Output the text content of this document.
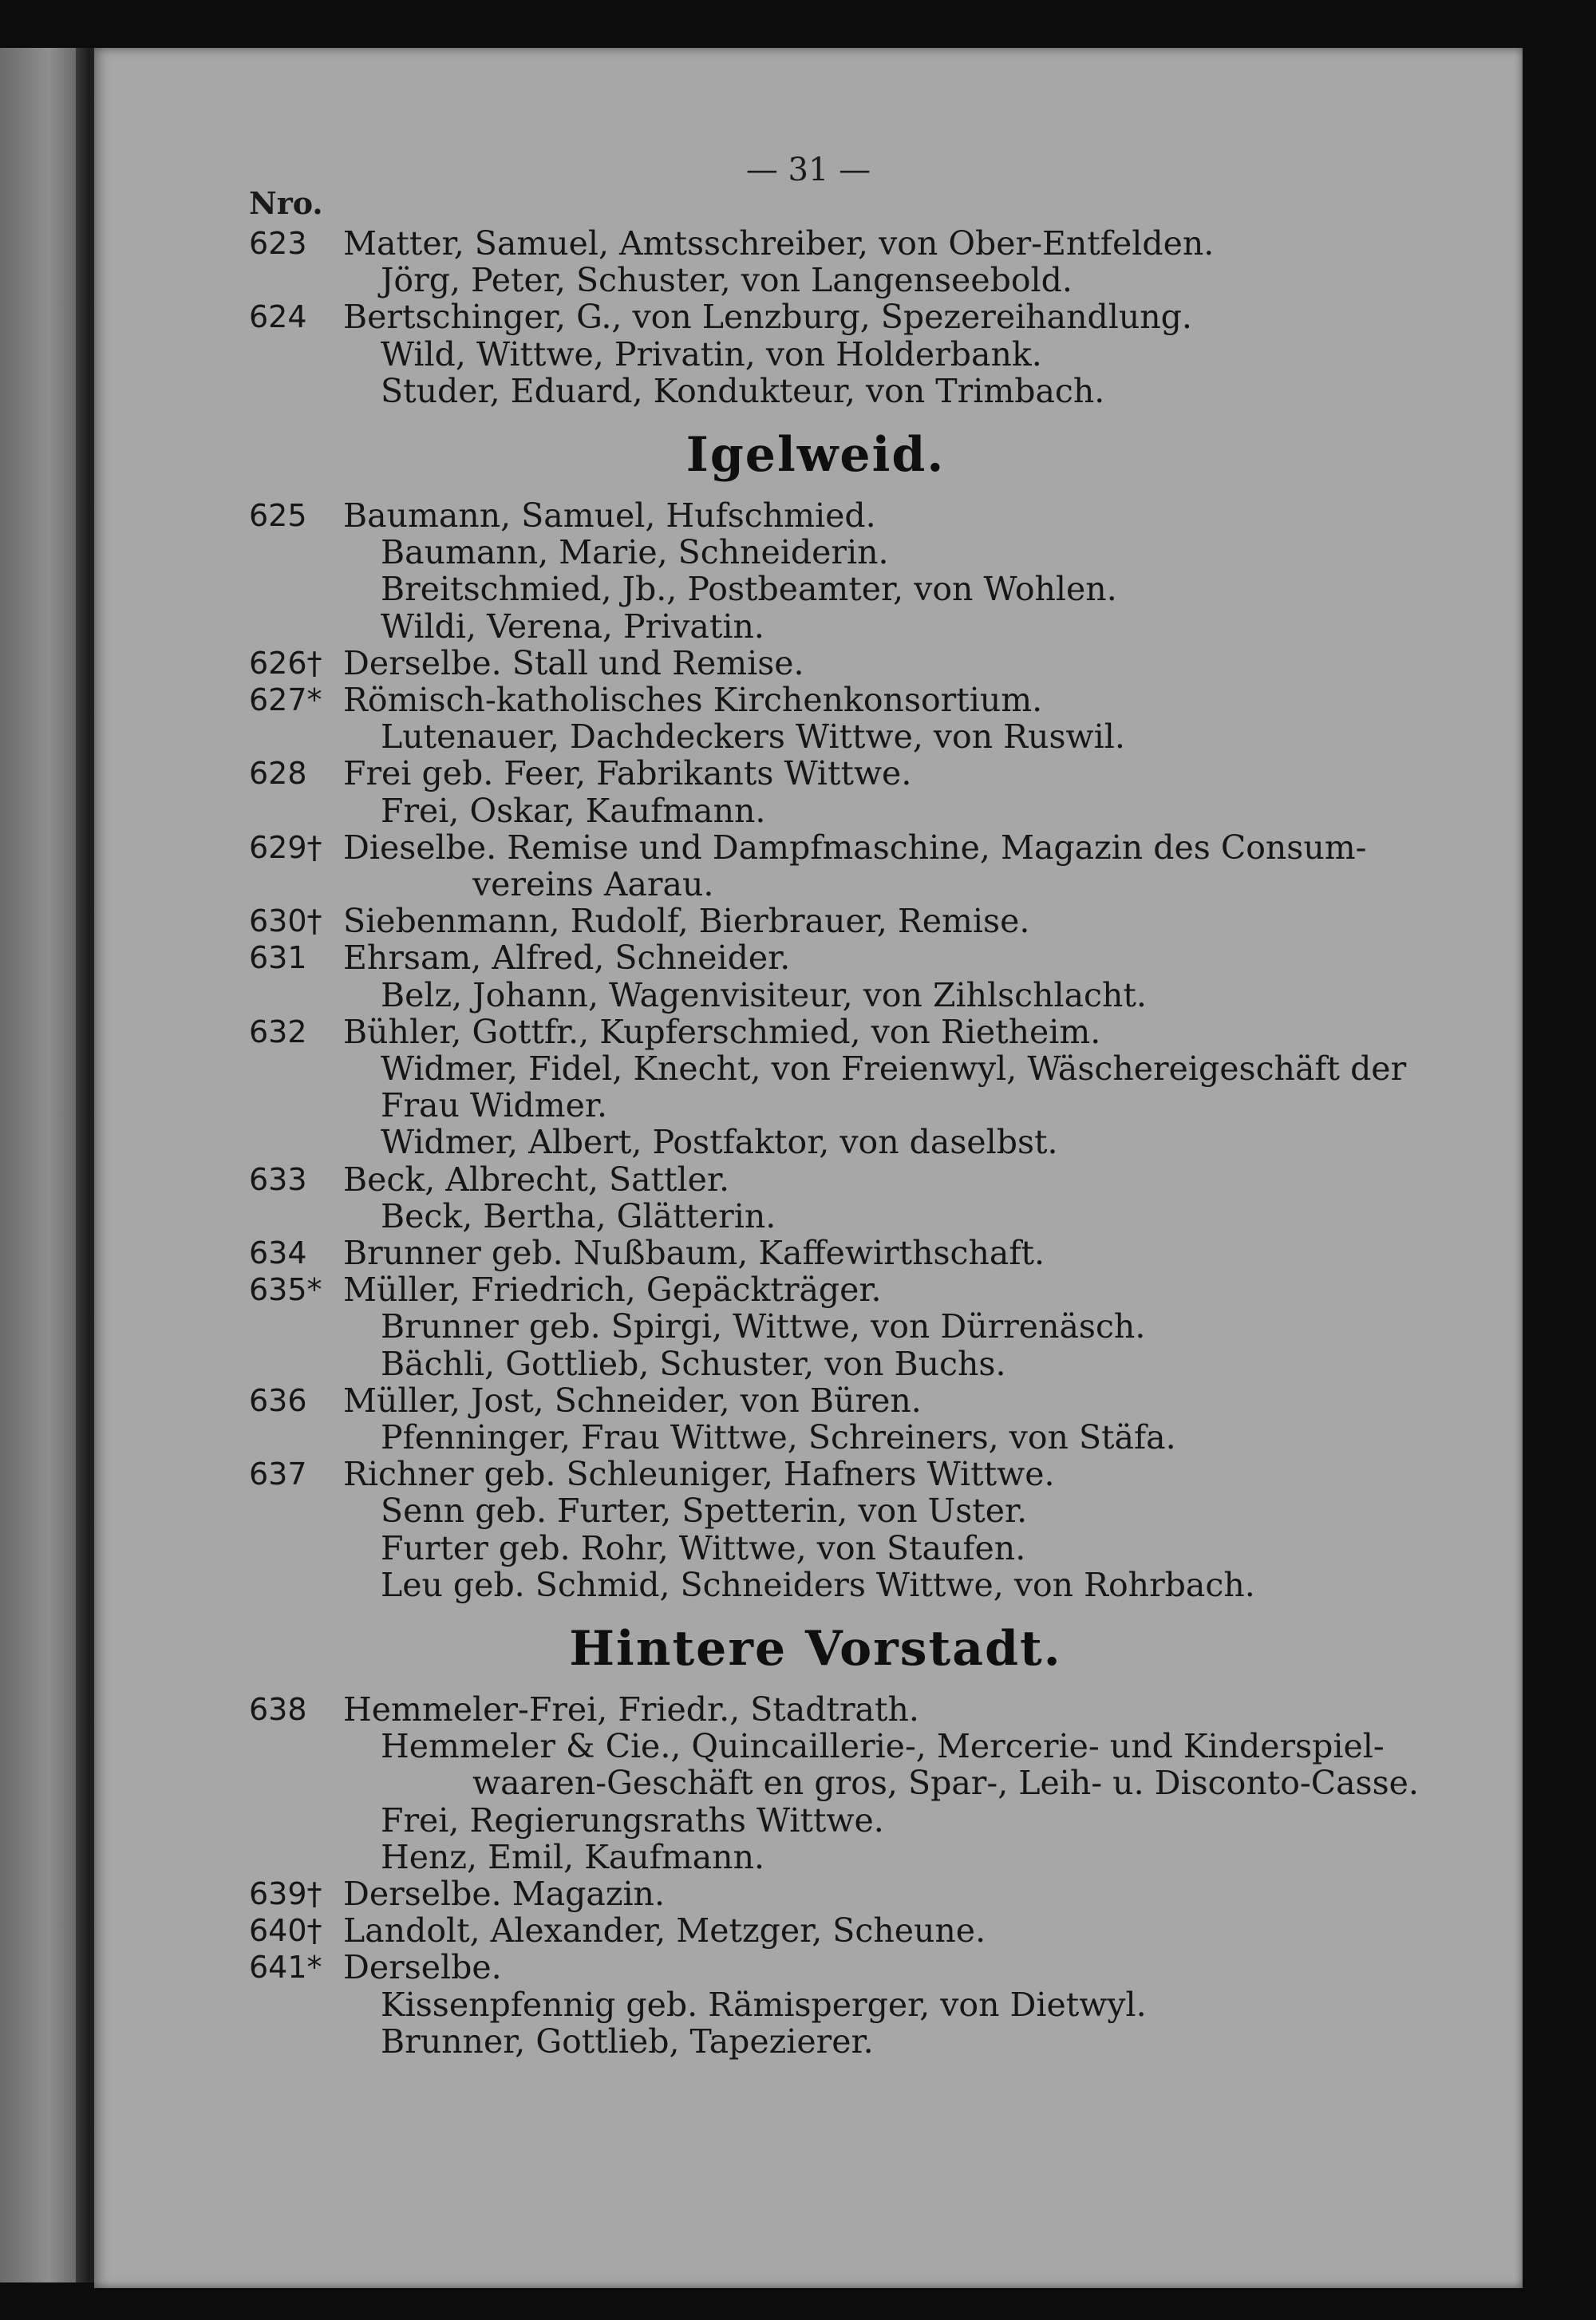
— 31 —
Nro.
623	Matter, Samuel, Amtsschreiber, von Ober-Entfelden.
Jörg, Peter, Schuster, von Langenseebold.
624	Bertschinger, G., von Lenzburg, Spezereihandlung.
Wild, Wittwe, Privatin, von Holderbank.
Studer, Eduard, Kondukteur, von Trimbach.
Igelweid.
625	Baumann, Samuel, Hufschmied.
Baumann, Marie, Schneiderin.
Breitschmied, Jb., Postbeamter, von Wohlen.
Wildi, Verena, Privatin.
626† Derselbe. Stall und Remise.
627* Römisch-katholisches Kirchenkonsortium.
Lutenauer, Dachdeckers Wittwe, von Ruswil.
628	Frei geb. Feer, Fabrikants Wittwe.
Frei, Oskar, Kaufmann.
629† Dieselbe. Remise und Dampfmaschine, Magazin des Consum-
vereins Aarau.
630† Siebenmann, Rudolf, Bierbrauer, Remise.
631	Ehrsam, Alfred, Schneider.
Belz, Johann, Wagenvisiteur, von Zihlschlacht.
632	Bühler, Gottfr., Kupferschmied, von Rietheim.
Widmer, Fidel, Knecht, von Freienwyl, Wäschereigeschäft der
Frau Widmer.
Widmer, Albert, Postfaktor, von daselbst.
633	Beck, Albrecht, Sattler.
Beck, Bertha, Glätterin.
634	Brunner geb. Nußbaum, Kaffewirthschaft.
635* Müller, Friedrich, Gepäckträger.
Brunner geb. Spirgi, Wittwe, von Dürrenäsch.
Bächli, Gottlieb, Schuster, von Buchs.
636	Müller, Jost, Schneider, von Büren.
Pfenninger, Frau Wittwe, Schreiners, von Stäfa.
637	Richner geb. Schleuniger, Hafners Wittwe.
Senn geb. Furter, Spetterin, von Uster.
Furter geb. Rohr, Wittwe, von Staufen.
Leu geb. Schmid, Schneiders Wittwe, von Rohrbach.
Hintere Vorstadt.
638	Hemmeler-Frei, Friedr., Stadtrath.
Hemmeler & Cie., Quincaillerie-, Mercerie- und Kinderspiel-
waaren-Geschäft en gros, Spar-, Leih- u. Disconto-Casse.
Frei, Regierungsraths Wittwe.
Henz, Emil, Kaufmann.
639† Derselbe. Magazin.
640† Landolt, Alexander, Metzger, Scheune.
641* Derselbe.
Kissenpfennig geb. Rämisperger, von Dietwyl.
Brunner, Gottlieb, Tapezierer.
